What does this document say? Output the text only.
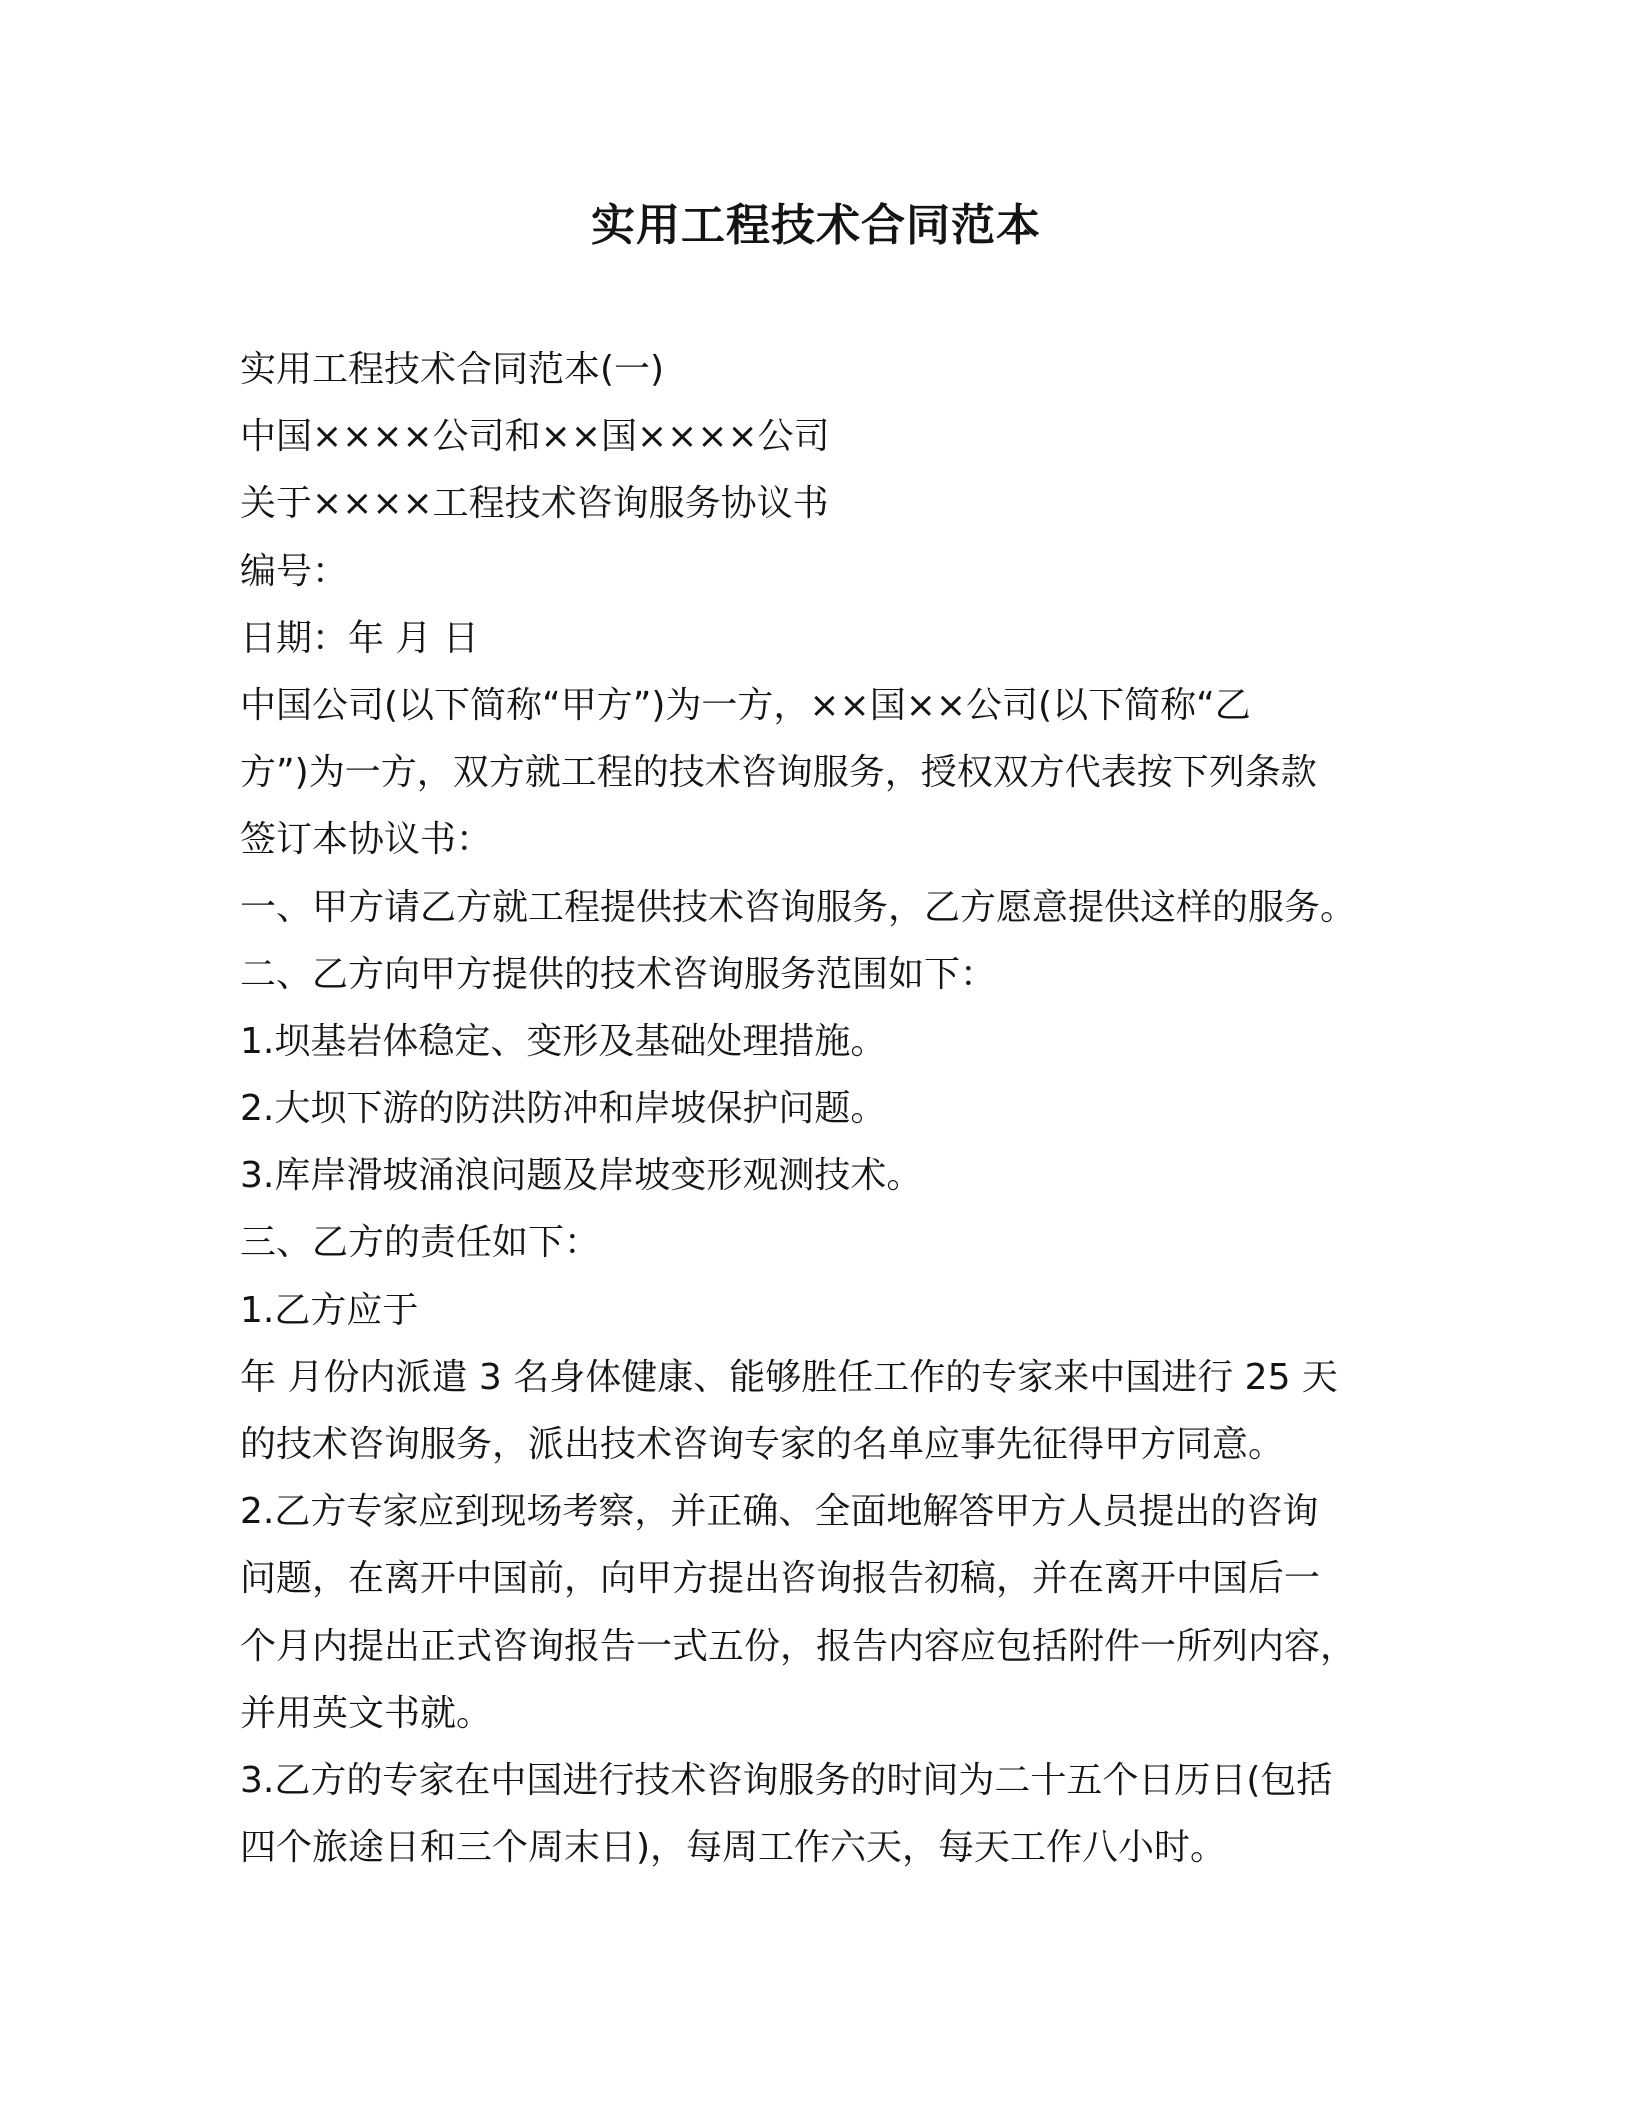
实用工程技术合同范本
实用工程技术合同范本(一)
中国××××公司和××国××××公司
关于××××工程技术咨询服务协议书
编号：
日期：年 月 日
中国公司(以下简称“甲方”)为一方，××国××公司(以下简称“乙
方”)为一方，双方就工程的技术咨询服务，授权双方代表按下列条款
签订本协议书：
一、甲方请乙方就工程提供技术咨询服务，乙方愿意提供这样的服务。
二、乙方向甲方提供的技术咨询服务范围如下：
1.坝基岩体稳定、变形及基础处理措施。
2.大坝下游的防洪防冲和岸坡保护问题。
3.库岸滑坡涌浪问题及岸坡变形观测技术。
三、乙方的责任如下：
1.乙方应于
年 月份内派遣 3 名身体健康、能够胜任工作的专家来中国进行 25 天
的技术咨询服务，派出技术咨询专家的名单应事先征得甲方同意。
2.乙方专家应到现场考察，并正确、全面地解答甲方人员提出的咨询
问题，在离开中国前，向甲方提出咨询报告初稿，并在离开中国后一
个月内提出正式咨询报告一式五份，报告内容应包括附件一所列内容，
并用英文书就。
3.乙方的专家在中国进行技术咨询服务的时间为二十五个日历日(包括
四个旅途日和三个周末日)，每周工作六天，每天工作八小时。
